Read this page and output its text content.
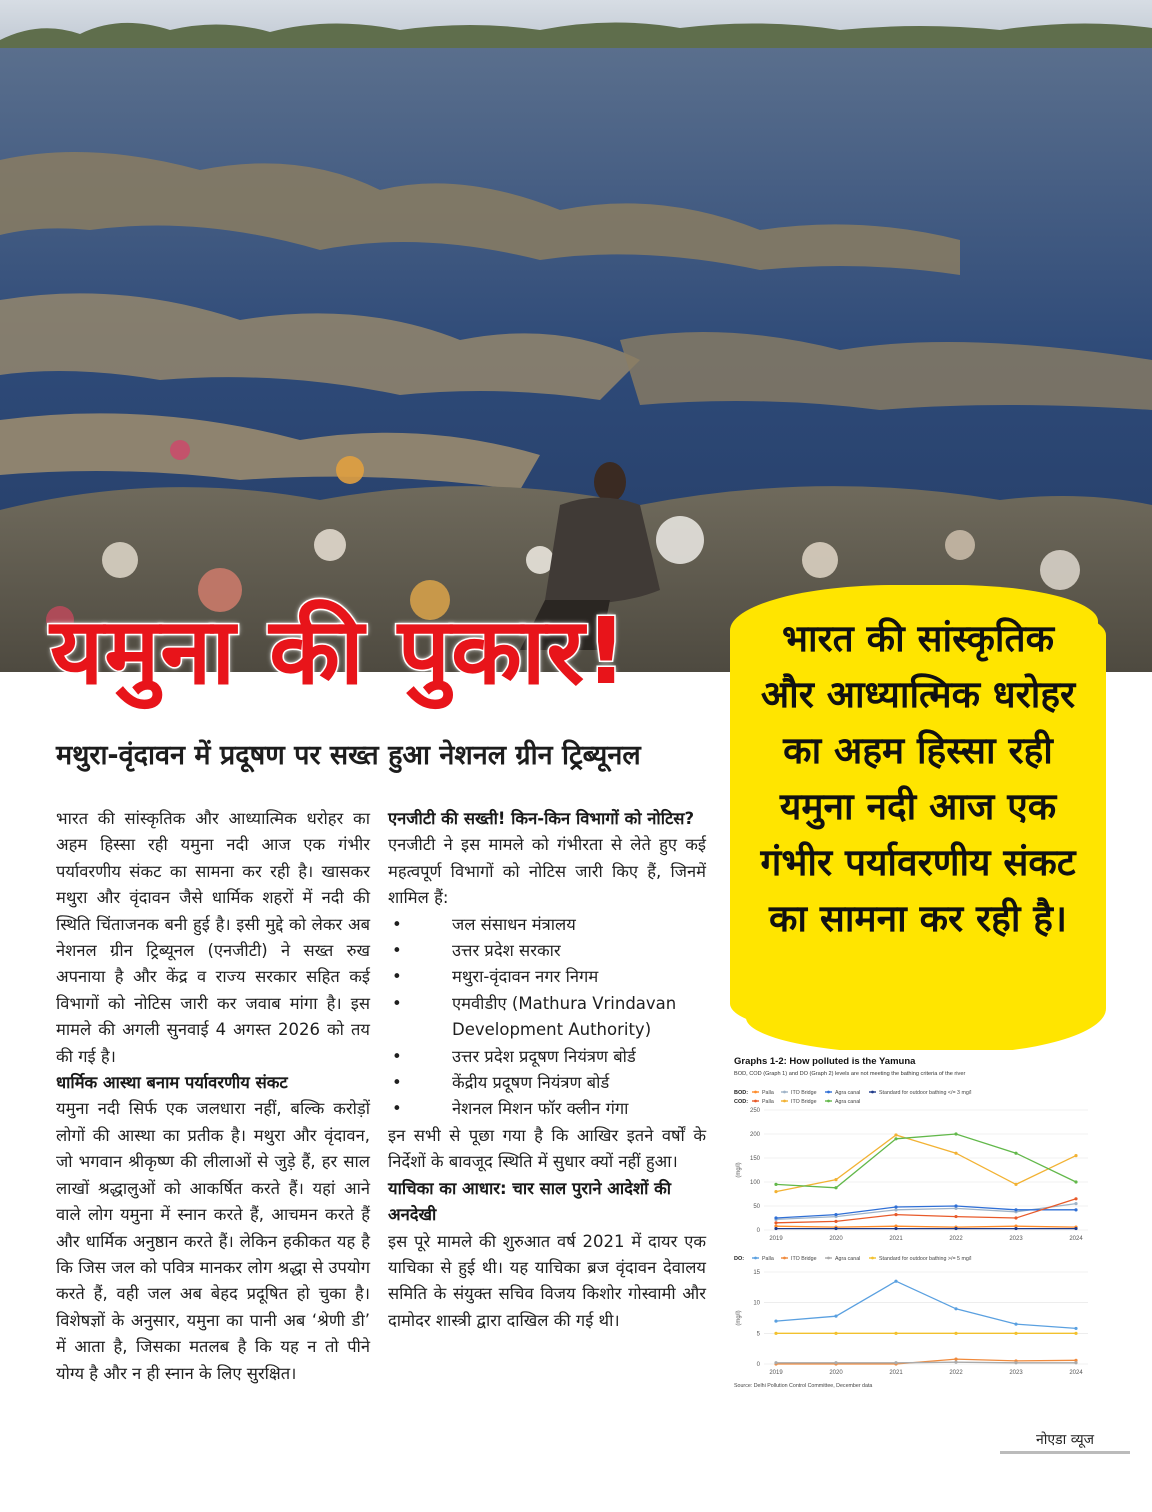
यमुना की पुकार!
मथुरा-वृंदावन में प्रदूषण पर सख्त हुआ नेशनल ग्रीन ट्रिब्यूनल
भारत की सांस्कृतिक और आध्यात्मिक धरोहर का अहम हिस्सा रही यमुना नदी आज एक गंभीर पर्यावरणीय संकट का सामना कर रही है।

भारत की सांस्कृतिक और आध्यात्मिक धरोहर का अहम हिस्सा रही यमुना नदी आज एक गंभीर पर्यावरणीय संकट का सामना कर रही है। खासकर मथुरा और वृंदावन जैसे धार्मिक शहरों में नदी की स्थिति चिंताजनक बनी हुई है। इसी मुद्दे को लेकर अब नेशनल ग्रीन ट्रिब्यूनल (एनजीटी) ने सख्त रुख अपनाया है और केंद्र व राज्य सरकार सहित कई विभागों को नोटिस जारी कर जवाब मांगा है। इस मामले की अगली सुनवाई 4 अगस्त 2026 को तय की गई है।

धार्मिक आस्था बनाम पर्यावरणीय संकट

यमुना नदी सिर्फ एक जलधारा नहीं, बल्कि करोड़ों लोगों की आस्था का प्रतीक है। मथुरा और वृंदावन, जो भगवान श्रीकृष्ण की लीलाओं से जुड़े हैं, हर साल लाखों श्रद्धालुओं को आकर्षित करते हैं। यहां आने वाले लोग यमुना में स्नान करते हैं, आचमन करते हैं और धार्मिक अनुष्ठान करते हैं। लेकिन हकीकत यह है कि जिस जल को पवित्र मानकर लोग श्रद्धा से उपयोग करते हैं, वही जल अब बेहद प्रदूषित हो चुका है। विशेषज्ञों के अनुसार, यमुना का पानी अब ‘श्रेणी डी’ में आता है, जिसका मतलब है कि यह न तो पीने योग्य है और न ही स्नान के लिए सुरक्षित।

एनजीटी की सख्ती! किन-किन विभागों को नोटिस?

एनजीटी ने इस मामले को गंभीरता से लेते हुए कई महत्वपूर्ण विभागों को नोटिस जारी किए हैं, जिनमें शामिल हैं:

• जल संसाधन मंत्रालय
• उत्तर प्रदेश सरकार
• मथुरा-वृंदावन नगर निगम
• एमवीडीए (Mathura Vrindavan Development Authority)
• उत्तर प्रदेश प्रदूषण नियंत्रण बोर्ड
• केंद्रीय प्रदूषण नियंत्रण बोर्ड
• नेशनल मिशन फॉर क्लीन गंगा

इन सभी से पूछा गया है कि आखिर इतने वर्षों के निर्देशों के बावजूद स्थिति में सुधार क्यों नहीं हुआ।

याचिका का आधार: चार साल पुराने आदेशों की अनदेखी

इस पूरे मामले की शुरुआत वर्ष 2021 में दायर एक याचिका से हुई थी। यह याचिका ब्रज वृंदावन देवालय समिति के संयुक्त सचिव विजय किशोर गोस्वामी और दामोदर शास्त्री द्वारा दाखिल की गई थी।

Graphs 1-2: How polluted is the Yamuna
BOD, COD (Graph 1) and DO (Graph 2) levels are not meeting the bathing criteria of the river
BOD:	Palla	ITO Bridge	Agra canal	Standard for outdoor bathing </= 3 mg/l
COD:	Palla	ITO Bridge	Agra canal
0
50
100
150
200
250
(mg/l)
2019	2020	2021	2022	2023	2024
DO:	Palla	ITO Bridge	Agra canal	Standard for outdoor bathing >/= 5 mg/l
0
5
10
15
(mg/l)
2019	2020	2021	2022	2023	2024
Source: Delhi Pollution Control Committee, December data
नोएडा व्यूज
